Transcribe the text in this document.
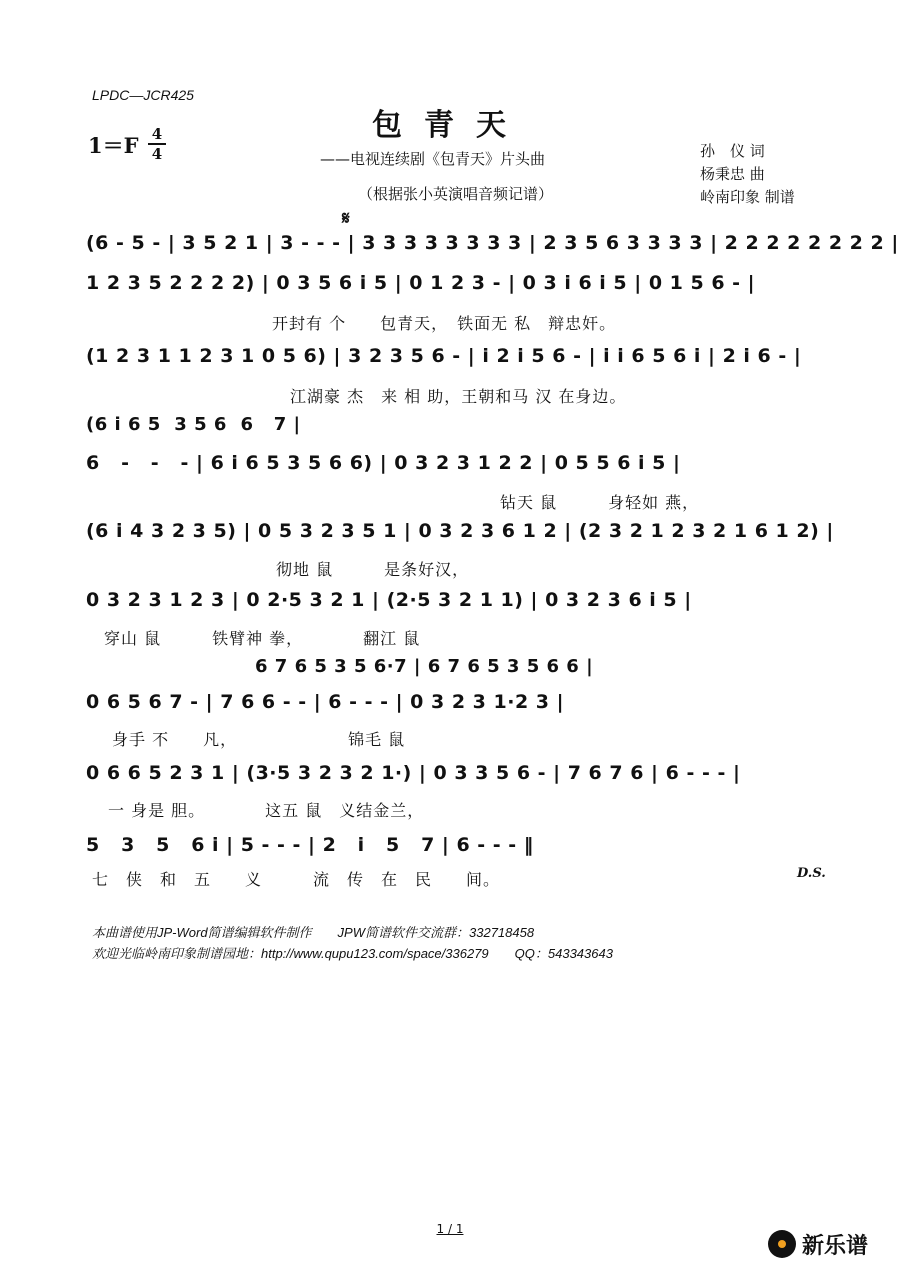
LPDC—JCR425
包青天
——电视连续剧《包青天》片头曲
（根据张小英演唱音频记谱）
1＝F 4
4	孙　仪 词
杨秉忠 曲
岭南印象 制谱
𝄋
(6 - 5 - | 3 5 2 1 | 3 - - - | 3 3 3 3 3 3 3 3 | 2 3 5 6 3 3 3 3 | 2 2 2 2 2 2 2 2 |
1 2 3 5 2 2 2 2) | 0 3 5 6 i 5 | 0 1 2 3 - | 0 3 i 6 i 5 | 0 1 5 6 - |
开封有 个　　包青天，　铁面无 私　辩忠奸。
(1 2 3 1 1 2 3 1 0 5 6) | 3 2 3 5 6 - | i 2 i 5 6 - | i i 6 5 6 i | 2 i 6 - |
江湖豪 杰　来 相 助，王朝和马 汉 在身边。
(6 i 6 5  3 5 6  6   7 |
6   -   -   - | 6 i 6 5 3 5 6 6) | 0 3 2 3 1 2 2 | 0 5 5 6 i 5 |
钻天 鼠　　　身轻如 燕，
(6 i 4 3 2 3 5) | 0 5 3 2 3 5 1 | 0 3 2 3 6 1 2 | (2 3 2 1 2 3 2 1 6 1 2) |
彻地 鼠　　　是条好汉，
0 3 2 3 1 2 3 | 0 2·5 3 2 1 | (2·5 3 2 1 1) | 0 3 2 3 6 i 5 |
穿山 鼠　　　铁臂神 拳，　　　　翻江 鼠
6 7 6 5 3 5 6·7 | 6 7 6 5 3 5 6 6 |
0 6 5 6 7 - | 7 6 6 - - | 6 - - - | 0 3 2 3 1·2 3 |
身手 不　　凡，　　　　　　　锦毛 鼠
0 6 6 5 2 3 1 | (3·5 3 2 3 2 1·) | 0 3 3 5 6 - | 7 6 7 6 | 6 - - - |
一 身是 胆。　　　　这五 鼠　义结金兰，
5   3   5   6 i | 5 - - - | 2   i   5   7 | 6 - - - ‖
七　侠　和　五　　义　　　流　传　在　民　　间。	D.S.
本曲谱使用JP-Word简谱编辑软件制作　　JPW简谱软件交流群：332718458
欢迎光临岭南印象制谱园地：http://www.qupu123.com/space/336279　　QQ：543343643
1 / 1
新乐谱
